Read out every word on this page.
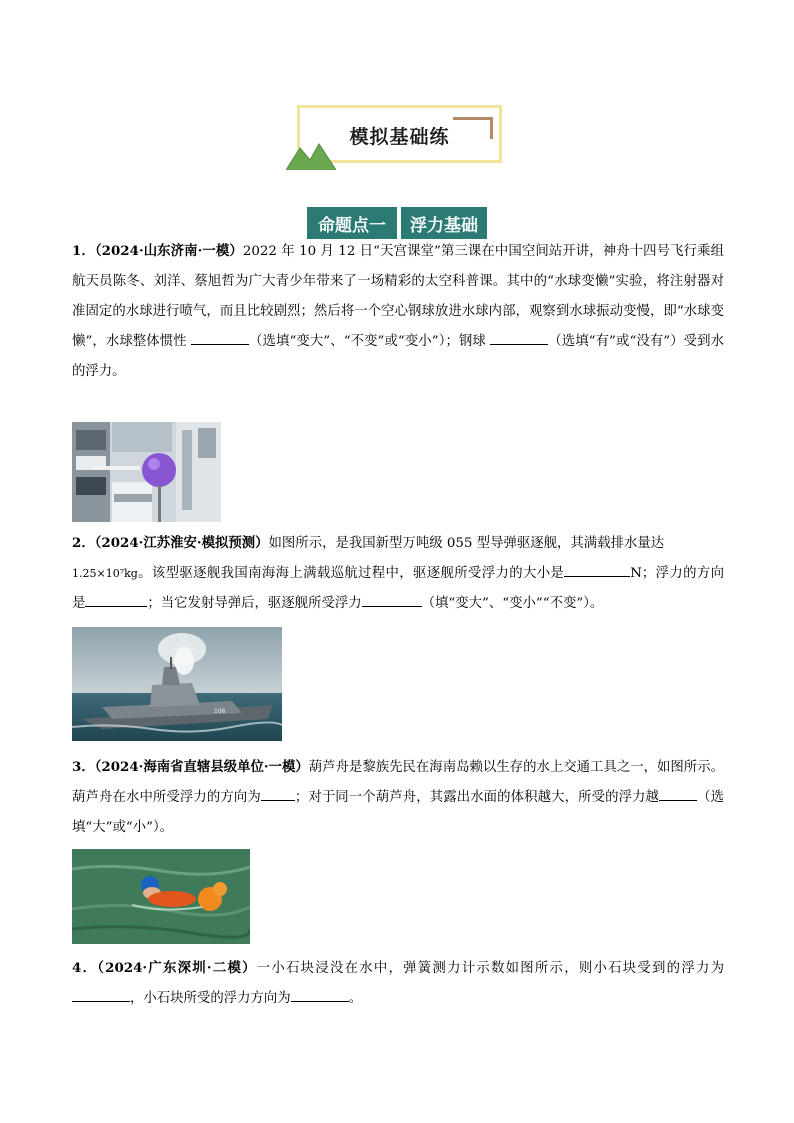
模拟基础练
命题点一	浮力基础
1．（2024·山东济南·一模）2022 年 10 月 12 日“天宫课堂”第三课在中国空间站开讲，神舟十四号飞行乘组航天员陈冬、刘洋、蔡旭哲为广大青少年带来了一场精彩的太空科普课。其中的“水球变懒”实验，将注射器对准固定的水球进行喷气，而且比较剧烈；然后将一个空心钢球放进水球内部，观察到水球振动变慢，即“水球变懒”，水球整体惯性	（选填“变大”、“不变”或“变小”）；钢球	（选填“有”或“没有”）受到水的浮力。
2．（2024·江苏淮安·模拟预测）如图所示，是我国新型万吨级 055 型导弹驱逐舰，其满载排水量达
1.25×10⁷kg。该型驱逐舰我国南海海上满载巡航过程中，驱逐舰所受浮力的大小是	N；浮力的方向是	；当它发射导弹后，驱逐舰所受浮力	（填“变大”、“变小”“不变”）。
106
3．（2024·海南省直辖县级单位·一模）葫芦舟是黎族先民在海南岛赖以生存的水上交通工具之一，如图所示。葫芦舟在水中所受浮力的方向为	；对于同一个葫芦舟，其露出水面的体积越大，所受的浮力越	（选填“大”或“小”）。
4．（2024·广东深圳·二模）一小石块浸没在水中，弹簧测力计示数如图所示，则小石块受到的浮力为，小石块所受的浮力方向为	。
